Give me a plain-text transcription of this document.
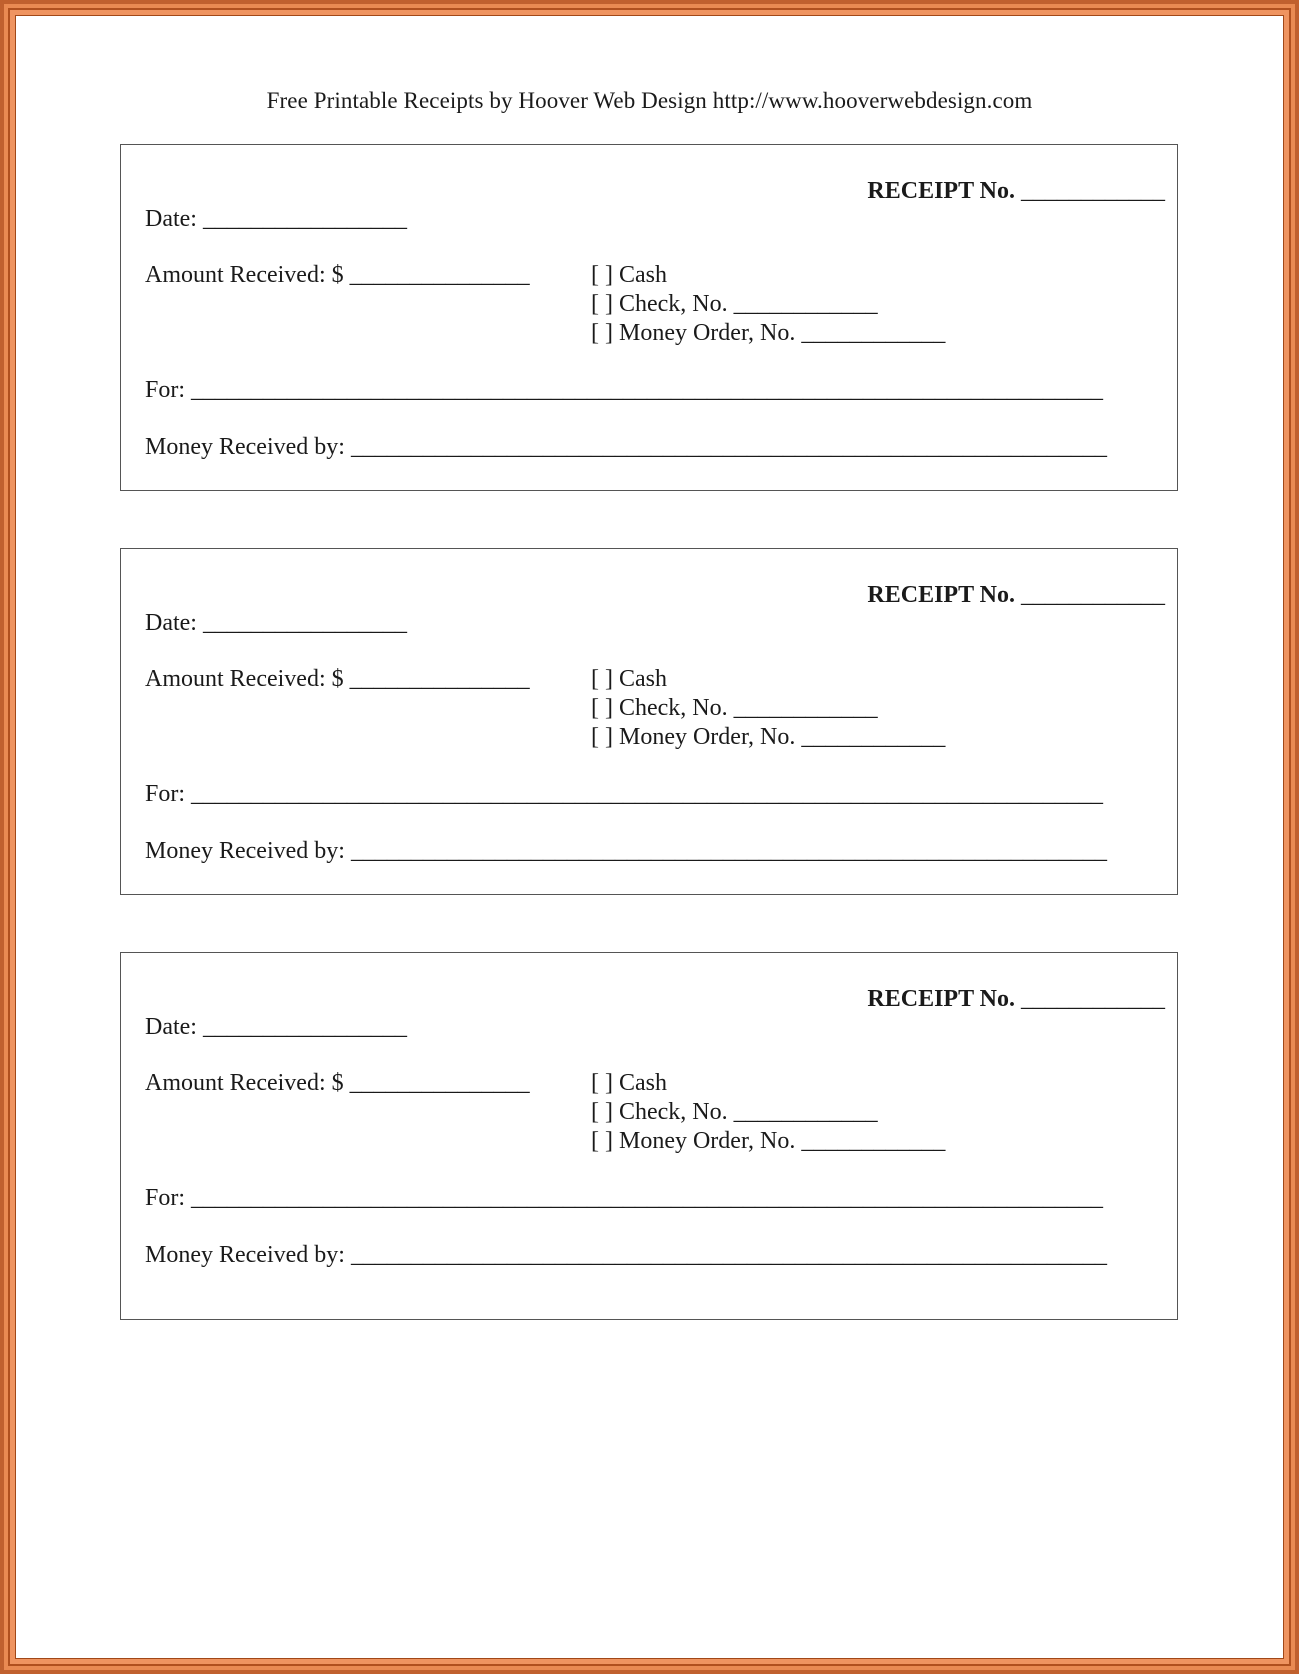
Free Printable Receipts by Hoover Web Design http://www.hooverwebdesign.com
RECEIPT No. ____________
Date: _________________
Amount Received: $ _______________	[ ] Cash
[ ] Check, No. ____________
[ ] Money Order, No. ____________
For: ____________________________________________________________________________
Money Received by: _______________________________________________________________
RECEIPT No. ____________
Date: _________________
Amount Received: $ _______________	[ ] Cash
[ ] Check, No. ____________
[ ] Money Order, No. ____________
For: ____________________________________________________________________________
Money Received by: _______________________________________________________________
RECEIPT No. ____________
Date: _________________
Amount Received: $ _______________	[ ] Cash
[ ] Check, No. ____________
[ ] Money Order, No. ____________
For: ____________________________________________________________________________
Money Received by: _______________________________________________________________
